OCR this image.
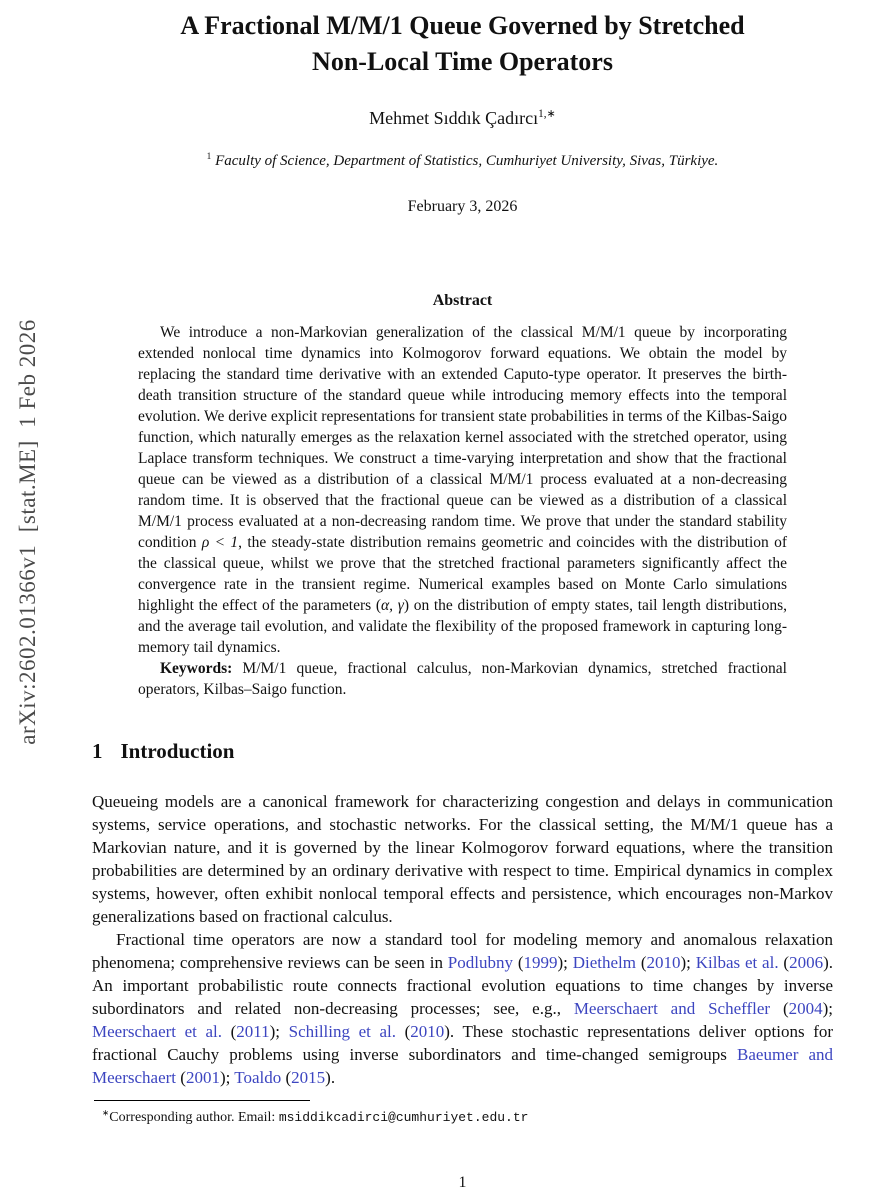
arXiv:2602.01366v1  [stat.ME]  1 Feb 2026
A Fractional M/M/1 Queue Governed by Stretched
Non-Local Time Operators
Mehmet Sıddık Çadırcı$^{1,∗}$
$^1$ Faculty of Science, Department of Statistics, Cumhuriyet University, Sivas, Türkiye.
February 3, 2026
Abstract

We introduce a non-Markovian generalization of the classical M/M/1 queue by incorporating extended nonlocal time dynamics into Kolmogorov forward equations. We obtain the model by replacing the standard time derivative with an extended Caputo-type operator. It preserves the birth-death transition structure of the standard queue while introducing memory effects into the temporal evolution. We derive explicit representations for transient state probabilities in terms of the Kilbas-Saigo function, which naturally emerges as the relaxation kernel associated with the stretched operator, using Laplace transform techniques. We construct a time-varying interpretation and show that the fractional queue can be viewed as a distribution of a classical M/M/1 process evaluated at a non-decreasing random time. It is observed that the fractional queue can be viewed as a distribution of a classical M/M/1 process evaluated at a non-decreasing random time. We prove that under the standard stability condition ρ < 1, the steady-state distribution remains geometric and coincides with the distribution of the classical queue, whilst we prove that the stretched fractional parameters significantly affect the convergence rate in the transient regime. Numerical examples based on Monte Carlo simulations highlight the effect of the parameters (α, γ) on the distribution of empty states, tail length distributions, and the average tail evolution, and validate the flexibility of the proposed framework in capturing long-memory tail dynamics.

Keywords: M/M/1 queue, fractional calculus, non-Markovian dynamics, stretched fractional operators, Kilbas–Saigo function.

1 Introduction

Queueing models are a canonical framework for characterizing congestion and delays in communication systems, service operations, and stochastic networks. For the classical setting, the M/M/1 queue has a Markovian nature, and it is governed by the linear Kolmogorov forward equations, where the transition probabilities are determined by an ordinary derivative with respect to time. Empirical dynamics in complex systems, however, often exhibit nonlocal temporal effects and persistence, which encourages non-Markov generalizations based on fractional calculus.

Fractional time operators are now a standard tool for modeling memory and anomalous relaxation phenomena; comprehensive reviews can be seen in Podlubny (1999); Diethelm (2010); Kilbas et al. (2006). An important probabilistic route connects fractional evolution equations to time changes by inverse subordinators and related non-decreasing processes; see, e.g., Meerschaert and Scheffler (2004); Meerschaert et al. (2011); Schilling et al. (2010). These stochastic representations deliver options for fractional Cauchy problems using inverse subordinators and time-changed semigroups Baeumer and Meerschaert (2001); Toaldo (2015).

∗Corresponding author. Email: msiddikcadirci@cumhuriyet.edu.tr
1
